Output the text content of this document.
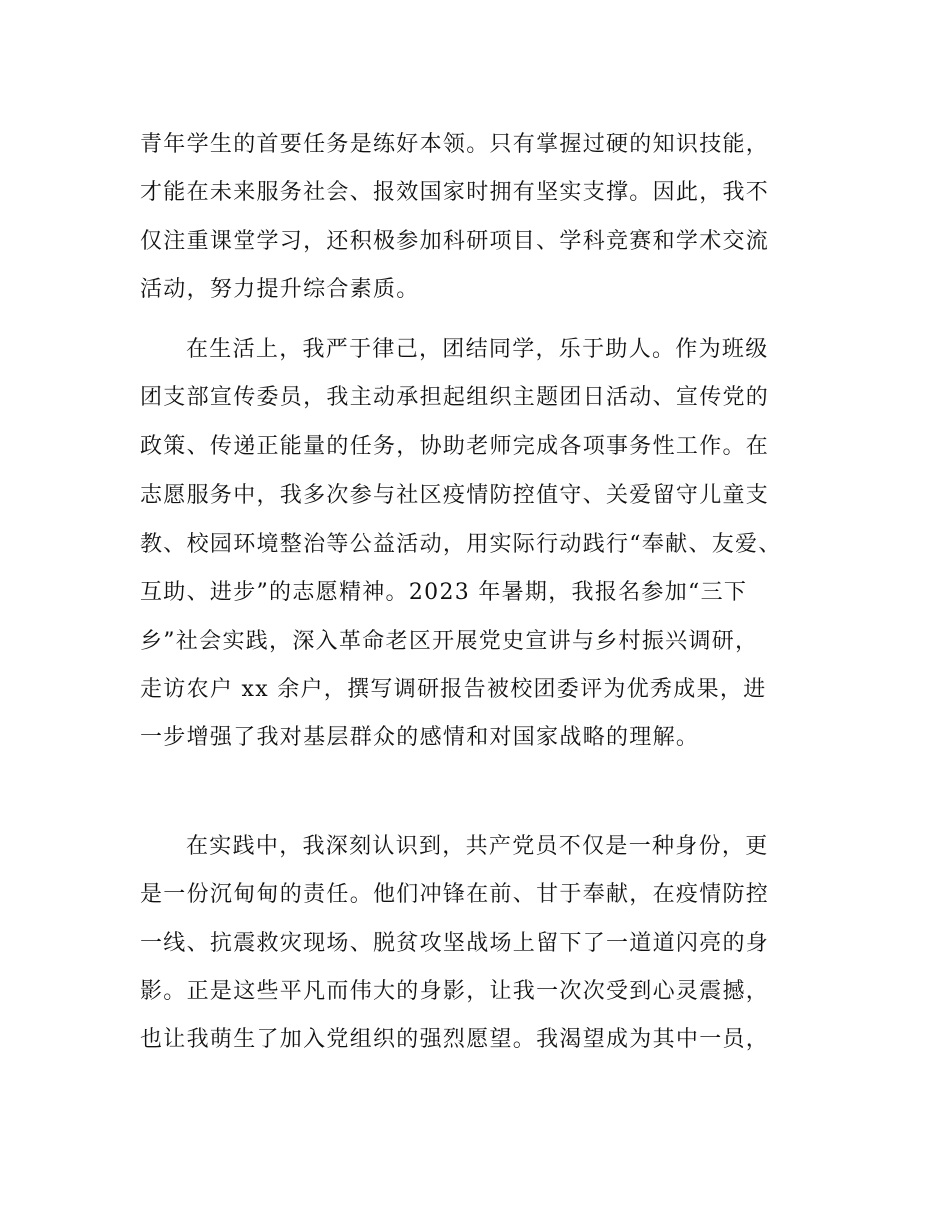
青年学生的首要任务是练好本领。只有掌握过硬的知识技能，
才能在未来服务社会、报效国家时拥有坚实支撑。因此，我不
仅注重课堂学习，还积极参加科研项目、学科竞赛和学术交流
活动，努力提升综合素质。
在生活上，我严于律己，团结同学，乐于助人。作为班级
团支部宣传委员，我主动承担起组织主题团日活动、宣传党的
政策、传递正能量的任务，协助老师完成各项事务性工作。在
志愿服务中，我多次参与社区疫情防控值守、关爱留守儿童支
教、校园环境整治等公益活动，用实际行动践行“奉献、友爱、
互助、进步”的志愿精神。2023 年暑期，我报名参加“三下
乡”社会实践，深入革命老区开展党史宣讲与乡村振兴调研，
走访农户 xx 余户，撰写调研报告被校团委评为优秀成果，进
一步增强了我对基层群众的感情和对国家战略的理解。
在实践中，我深刻认识到，共产党员不仅是一种身份，更
是一份沉甸甸的责任。他们冲锋在前、甘于奉献，在疫情防控
一线、抗震救灾现场、脱贫攻坚战场上留下了一道道闪亮的身
影。正是这些平凡而伟大的身影，让我一次次受到心灵震撼，
也让我萌生了加入党组织的强烈愿望。我渴望成为其中一员，
